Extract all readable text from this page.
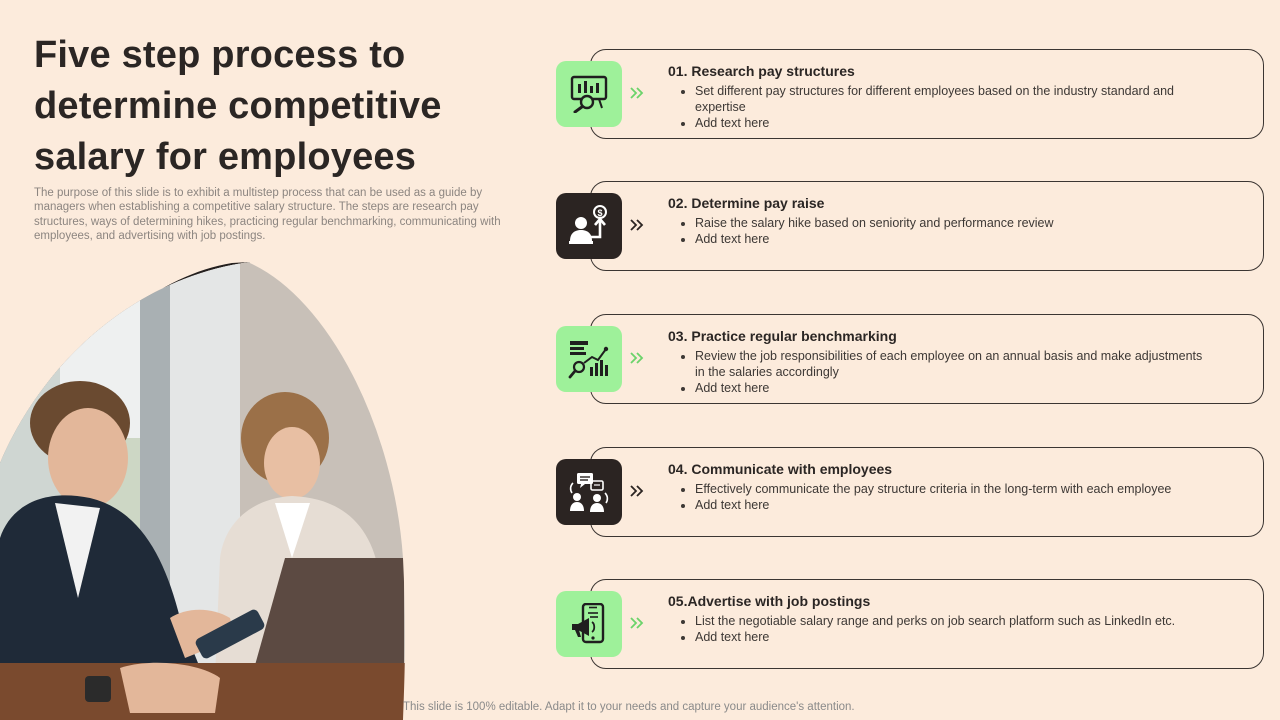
Five step process to determine competitive salary for employees

The purpose of this slide is to exhibit a multistep process that can be used as a guide by managers when establishing a competitive salary structure. The steps are research pay structures, ways of determining hikes, practicing regular benchmarking, communicating with employees, and advertising with job postings.

01. Research pay structures
• Set different pay structures for different employees based on the industry standard and expertise
• Add text here
$
02. Determine pay raise
• Raise the salary hike based on seniority and performance review
• Add text here
03. Practice regular benchmarking
• Review the job responsibilities of each employee on an annual basis and make adjustments in the salaries accordingly
• Add text here
04. Communicate with employees
• Effectively communicate the pay structure criteria in the long-term with each employee
• Add text here
05.Advertise with job postings
• List the negotiable salary range and perks on job search platform such as LinkedIn etc.
• Add text here
This slide is 100% editable. Adapt it to your needs and capture your audience's attention.
